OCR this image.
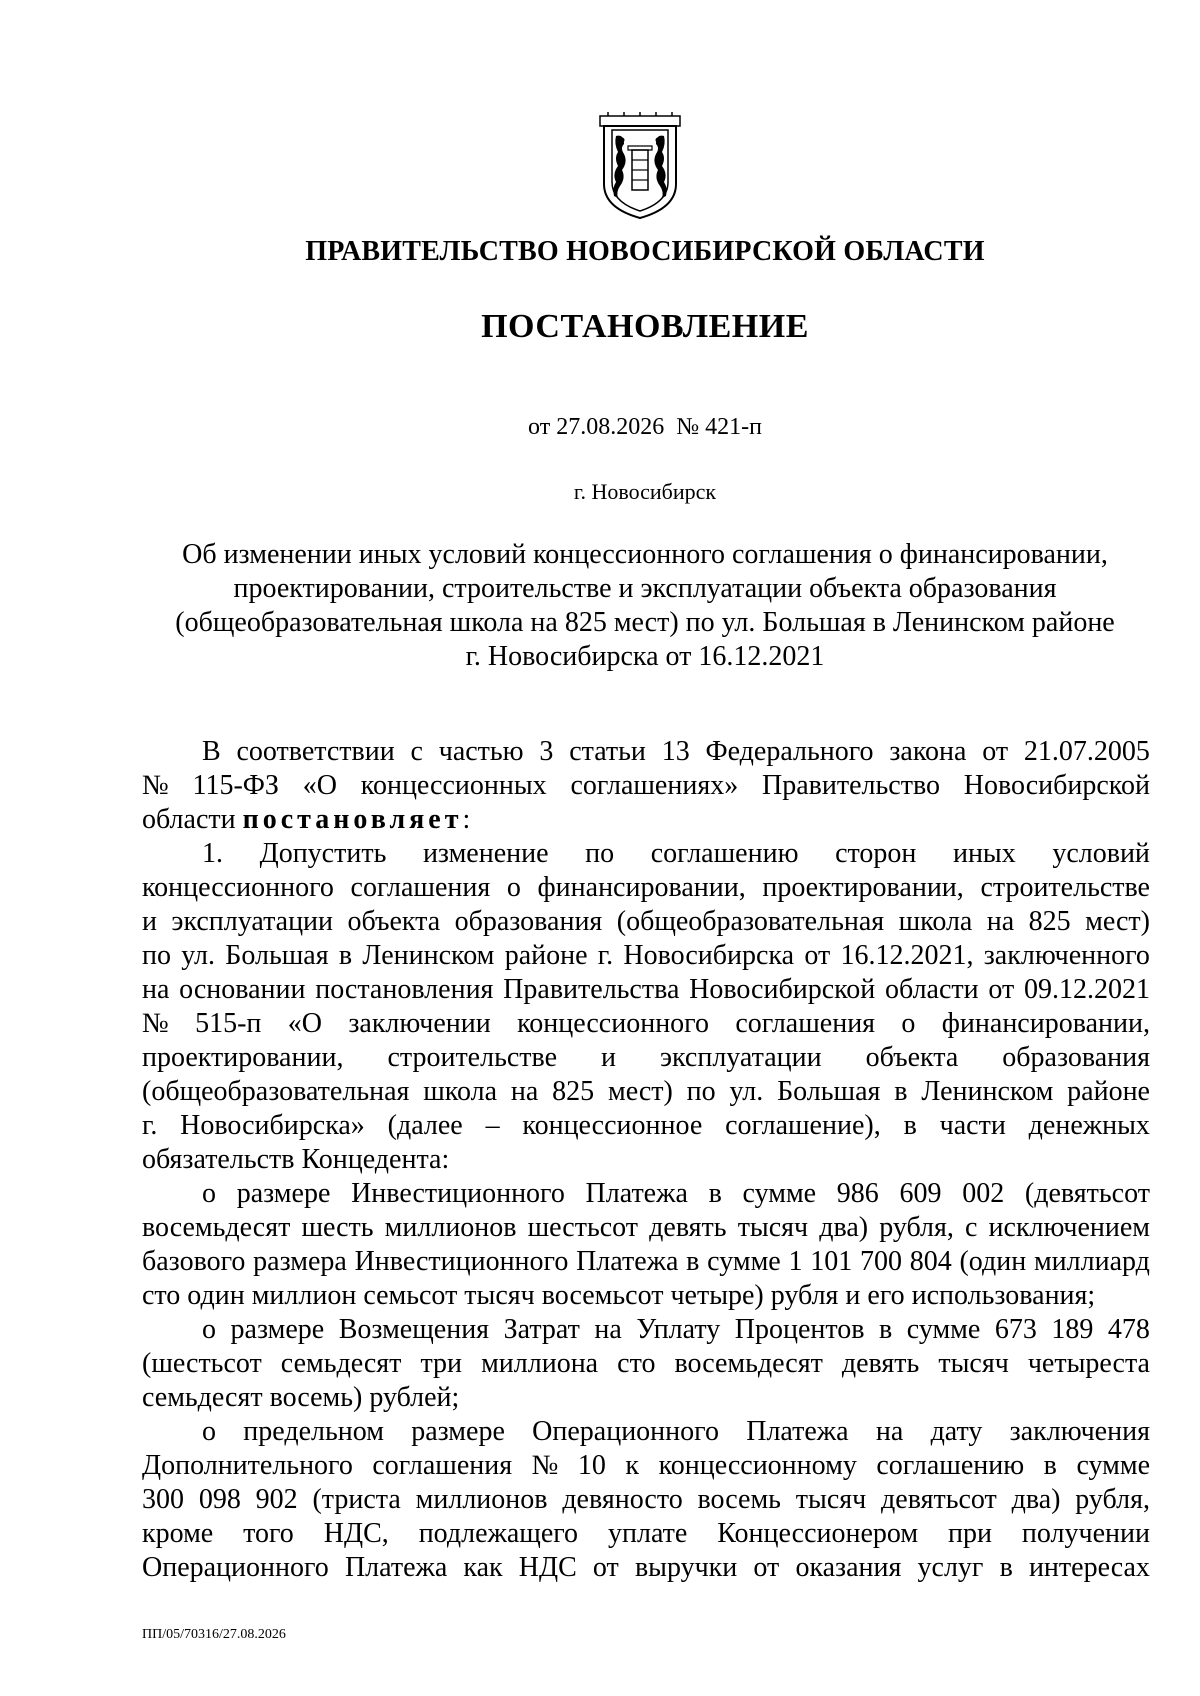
ПРАВИТЕЛЬСТВО НОВОСИБИРСКОЙ ОБЛАСТИ
ПОСТАНОВЛЕНИЕ
от 27.08.2026  № 421-п
г. Новосибирск
Об изменении иных условий концессионного соглашения о финансировании,
проектировании, строительстве и эксплуатации объекта образования
(общеобразовательная школа на 825 мест) по ул. Большая в Ленинском районе
г. Новосибирска от 16.12.2021
В соответствии с частью 3 статьи 13 Федерального закона от 21.07.2005
№ 115-ФЗ «О концессионных соглашениях» Правительство Новосибирской
области постановляет:
1. Допустить изменение по соглашению сторон иных условий
концессионного соглашения о финансировании, проектировании, строительстве
и эксплуатации объекта образования (общеобразовательная школа на 825 мест)
по ул. Большая в Ленинском районе г. Новосибирска от 16.12.2021, заключенного
на основании постановления Правительства Новосибирской области от 09.12.2021
№ 515-п «О заключении концессионного соглашения о финансировании,
проектировании, строительстве и эксплуатации объекта образования
(общеобразовательная школа на 825 мест) по ул. Большая в Ленинском районе
г. Новосибирска» (далее – концессионное соглашение), в части денежных
обязательств Концедента:
о размере Инвестиционного Платежа в сумме 986 609 002 (девятьсот
восемьдесят шесть миллионов шестьсот девять тысяч два) рубля, с исключением
базового размера Инвестиционного Платежа в сумме 1 101 700 804 (один миллиард
сто один миллион семьсот тысяч восемьсот четыре) рубля и его использования;
о размере Возмещения Затрат на Уплату Процентов в сумме 673 189 478
(шестьсот семьдесят три миллиона сто восемьдесят девять тысяч четыреста
семьдесят восемь) рублей;
о предельном размере Операционного Платежа на дату заключения
Дополнительного соглашения № 10 к концессионному соглашению в сумме
300 098 902 (триста миллионов девяносто восемь тысяч девятьсот два) рубля,
кроме того НДС, подлежащего уплате Концессионером при получении
Операционного Платежа как НДС от выручки от оказания услуг в интересах
ПП/05/70316/27.08.2026
